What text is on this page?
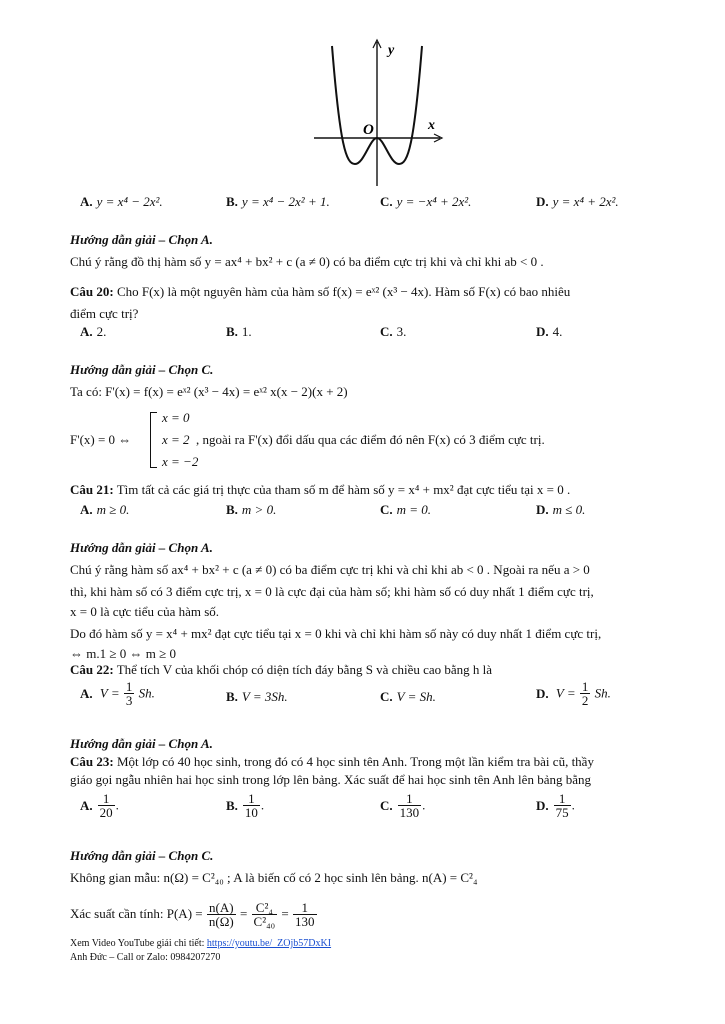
y
x
O
A. y = x⁴ − 2x².	B. y = x⁴ − 2x² + 1.	C. y = −x⁴ + 2x².	D. y = x⁴ + 2x².
Hướng dẫn giải – Chọn A.
Chú ý rằng đồ thị hàm số y = ax⁴ + bx² + c (a ≠ 0) có ba điểm cực trị khi và chỉ khi ab < 0 .
Câu 20: Cho F(x) là một nguyên hàm của hàm số f(x) = eˣ² (x³ − 4x). Hàm số F(x) có bao nhiêu
điểm cực trị?
A. 2.	B. 1.	C. 3.	D. 4.
Hướng dẫn giải – Chọn C.
Ta có: F'(x) = f(x) = eˣ² (x³ − 4x) = eˣ² x(x − 2)(x + 2)
F'(x) = 0 ⇔
x = 0
x = 2
x = −2
, ngoài ra F'(x) đổi dấu qua các điểm đó nên F(x) có 3 điểm cực trị.
Câu 21: Tìm tất cả các giá trị thực của tham số m để hàm số y = x⁴ + mx² đạt cực tiểu tại x = 0 .
A. m ≥ 0.	B. m > 0.	C. m = 0.	D. m ≤ 0.
Hướng dẫn giải – Chọn A.
Chú ý rằng hàm số ax⁴ + bx² + c (a ≠ 0) có ba điểm cực trị khi và chỉ khi ab < 0 . Ngoài ra nếu a > 0
thì, khi hàm số có 3 điểm cực trị, x = 0 là cực đại của hàm số; khi hàm số có duy nhất 1 điểm cực trị,
x = 0 là cực tiểu của hàm số.
Do đó hàm số y = x⁴ + mx² đạt cực tiểu tại x = 0 khi và chỉ khi hàm số này có duy nhất 1 điểm cực trị,
⇔ m.1 ≥ 0 ⇔ m ≥ 0
Câu 22: Thể tích V của khối chóp có diện tích đáy bằng S và chiều cao bằng h là
A. $V = \frac{1}{3} Sh$.	B. V = 3Sh.	C. V = Sh.	D. $V = \frac{1}{2} Sh$.
Hướng dẫn giải – Chọn A.
Câu 23: Một lớp có 40 học sinh, trong đó có 4 học sinh tên Anh. Trong một lần kiểm tra bài cũ, thầy
giáo gọi ngẫu nhiên hai học sinh trong lớp lên bảng. Xác suất để hai học sinh tên Anh lên bảng bằng
A. $\frac{1}{20}$ .	B. $\frac{1}{10}$ .	C. $\frac{1}{130}$ .	D. $\frac{1}{75}$ .
Hướng dẫn giải – Chọn C.
Không gian mẫu: n(Ω) = C²₄₀ ; A là biến cố có 2 học sinh lên bảng. n(A) = C²₄
Xác suất cần tính: $P(A) = \frac{n(A)}{n(\Omega)} = \frac{\text{C²₄}}{\text{C²₄₀}} = \frac{1}{130}$
Xem Video YouTube giải chi tiết: https://youtu.be/_ZOjb57DxKI
Anh Đức – Call or Zalo: 0984207270
